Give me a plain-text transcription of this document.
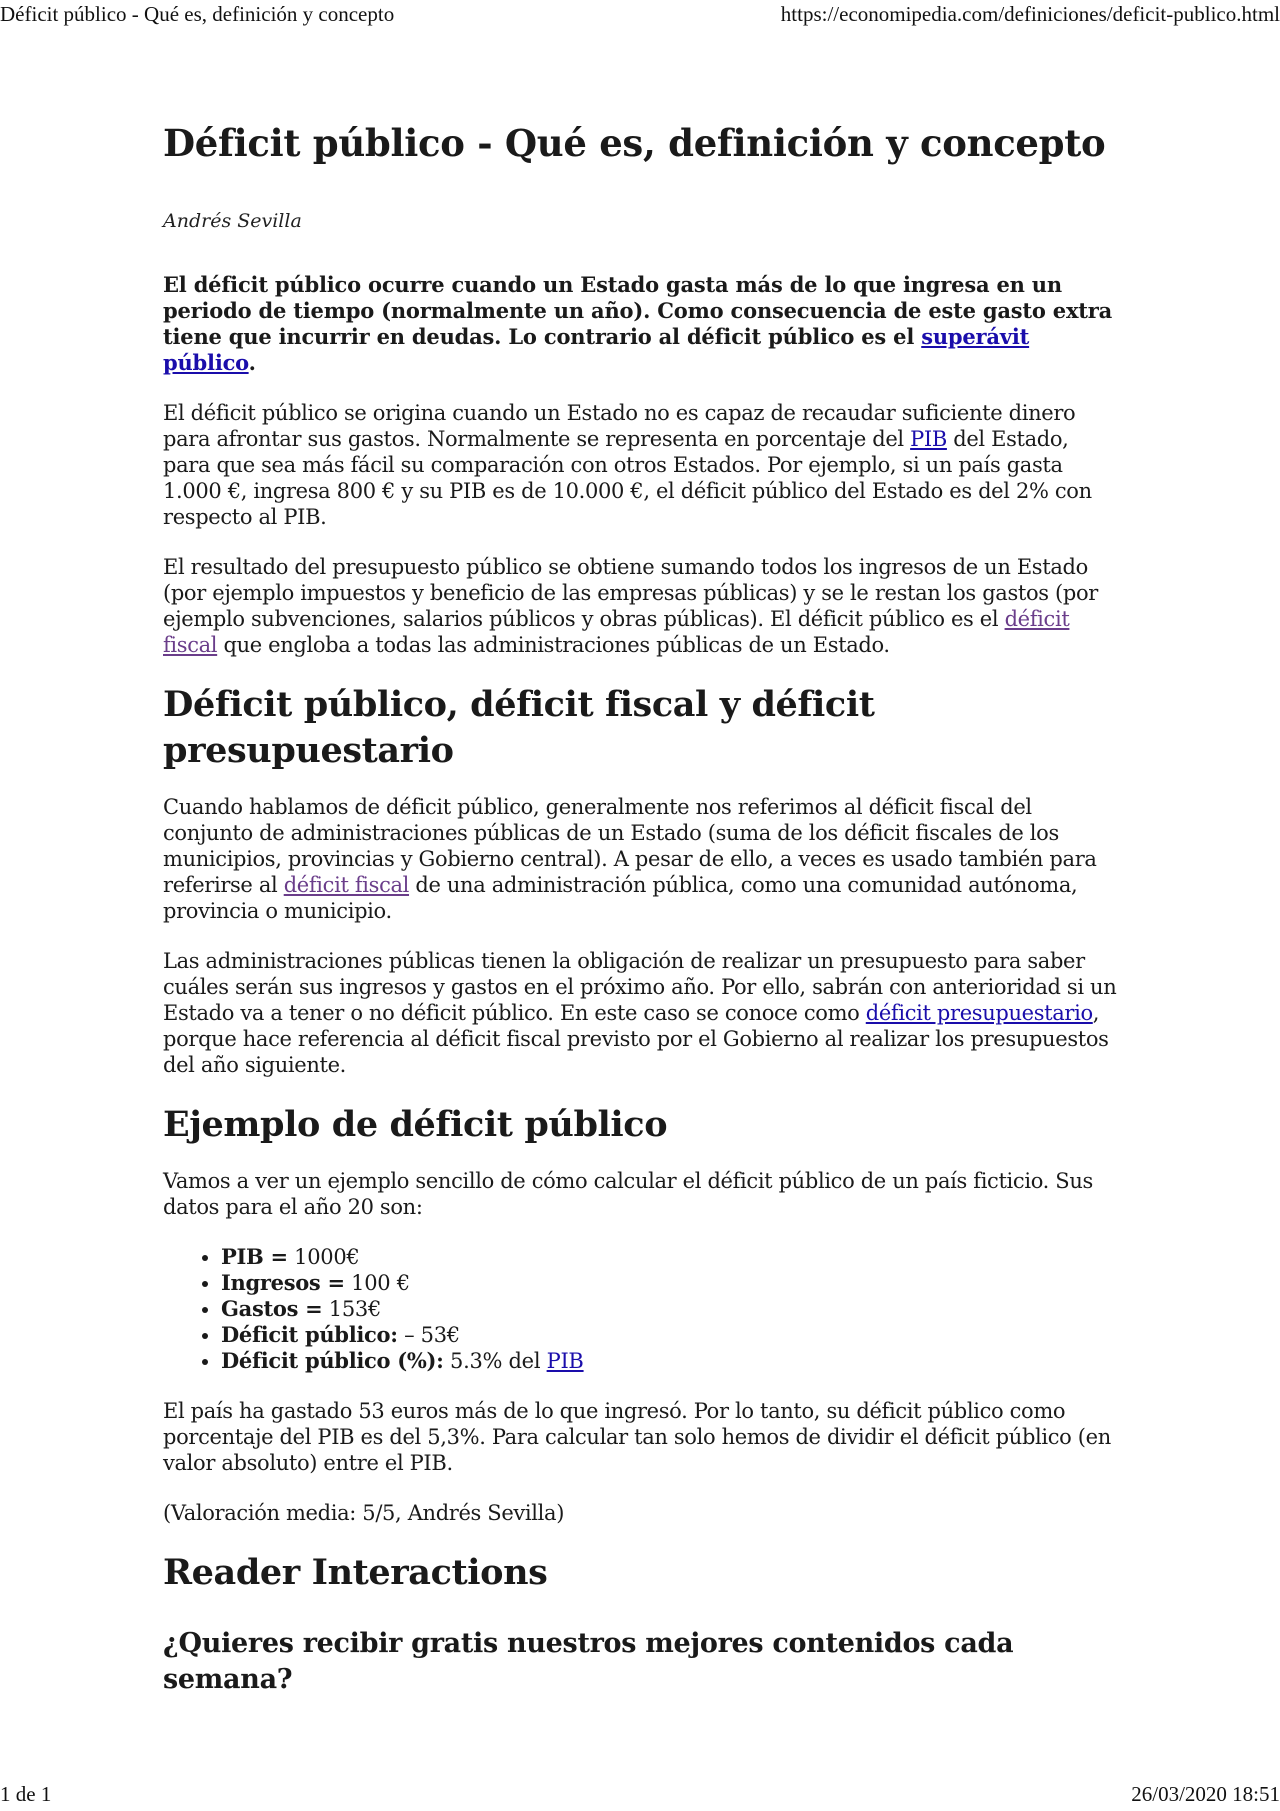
Déficit público - Qué es, definición y concepto	https://economipedia.com/definiciones/deficit-publico.html
Déficit público - Qué es, definición y concepto
Andrés Sevilla

El déficit público ocurre cuando un Estado gasta más de lo que ingresa en un periodo de tiempo (normalmente un año). Como consecuencia de este gasto extra tiene que incurrir en deudas. Lo contrario al déficit público es el superávit público.

El déficit público se origina cuando un Estado no es capaz de recaudar suficiente dinero para afrontar sus gastos. Normalmente se representa en porcentaje del PIB del Estado, para que sea más fácil su comparación con otros Estados. Por ejemplo, si un país gasta 1.000 €, ingresa 800 € y su PIB es de 10.000 €, el déficit público del Estado es del 2% con respecto al PIB.

El resultado del presupuesto público se obtiene sumando todos los ingresos de un Estado (por ejemplo impuestos y beneficio de las empresas públicas) y se le restan los gastos (por ejemplo subvenciones, salarios públicos y obras públicas). El déficit público es el déficit fiscal que engloba a todas las administraciones públicas de un Estado.

Déficit público, déficit fiscal y déficit presupuestario

Cuando hablamos de déficit público, generalmente nos referimos al déficit fiscal del conjunto de administraciones públicas de un Estado (suma de los déficit fiscales de los municipios, provincias y Gobierno central). A pesar de ello, a veces es usado también para referirse al déficit fiscal de una administración pública, como una comunidad autónoma, provincia o municipio.

Las administraciones públicas tienen la obligación de realizar un presupuesto para saber cuáles serán sus ingresos y gastos en el próximo año. Por ello, sabrán con anterioridad si un Estado va a tener o no déficit público. En este caso se conoce como déficit presupuestario, porque hace referencia al déficit fiscal previsto por el Gobierno al realizar los presupuestos del año siguiente.

Ejemplo de déficit público

Vamos a ver un ejemplo sencillo de cómo calcular el déficit público de un país ficticio. Sus datos para el año 20 son:

• PIB = 1000€
• Ingresos = 100 €
• Gastos = 153€
• Déficit público: – 53€
• Déficit público (%): 5.3% del PIB

El país ha gastado 53 euros más de lo que ingresó. Por lo tanto, su déficit público como porcentaje del PIB es del 5,3%. Para calcular tan solo hemos de dividir el déficit público (en valor absoluto) entre el PIB.

(Valoración media: 5/5, Andrés Sevilla)

Reader Interactions
¿Quieres recibir gratis nuestros mejores contenidos cada semana?
1 de 1	26/03/2020 18:51
